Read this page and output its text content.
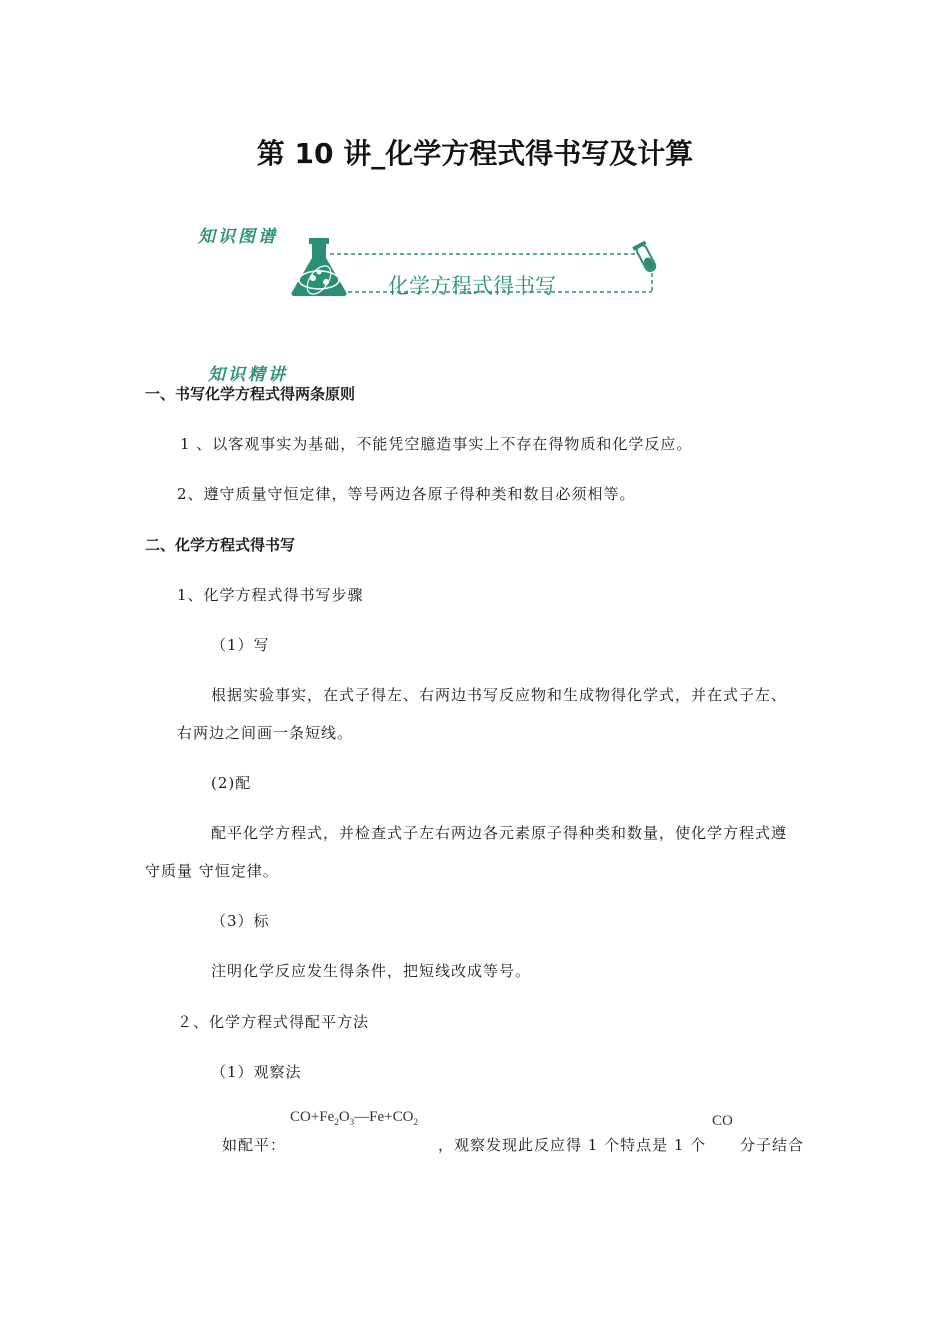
第 10 讲_化学方程式得书写及计算
知识图谱
化学方程式得书写
知识精讲
一、书写化学方程式得两条原则
1 、以客观事实为基础，不能凭空臆造事实上不存在得物质和化学反应。
2、遵守质量守恒定律，等号两边各原子得种类和数目必须相等。
二、化学方程式得书写
1、化学方程式得书写步骤
（1）写
根据实验事实，在式子得左、右两边书写反应物和生成物得化学式，并在式子左、
右两边之间画一条短线。
(2)配
配平化学方程式，并检查式子左右两边各元素原子得种类和数量，使化学方程式遵
守质量 守恒定律。
（3）标
注明化学反应发生得条件，把短线改成等号。
２、化学方程式得配平方法
（1）观察法
$CO+Fe_2O_3—Fe+CO_2$	CO
如配平：	，观察发现此反应得 1 个特点是 1 个 分子结合
